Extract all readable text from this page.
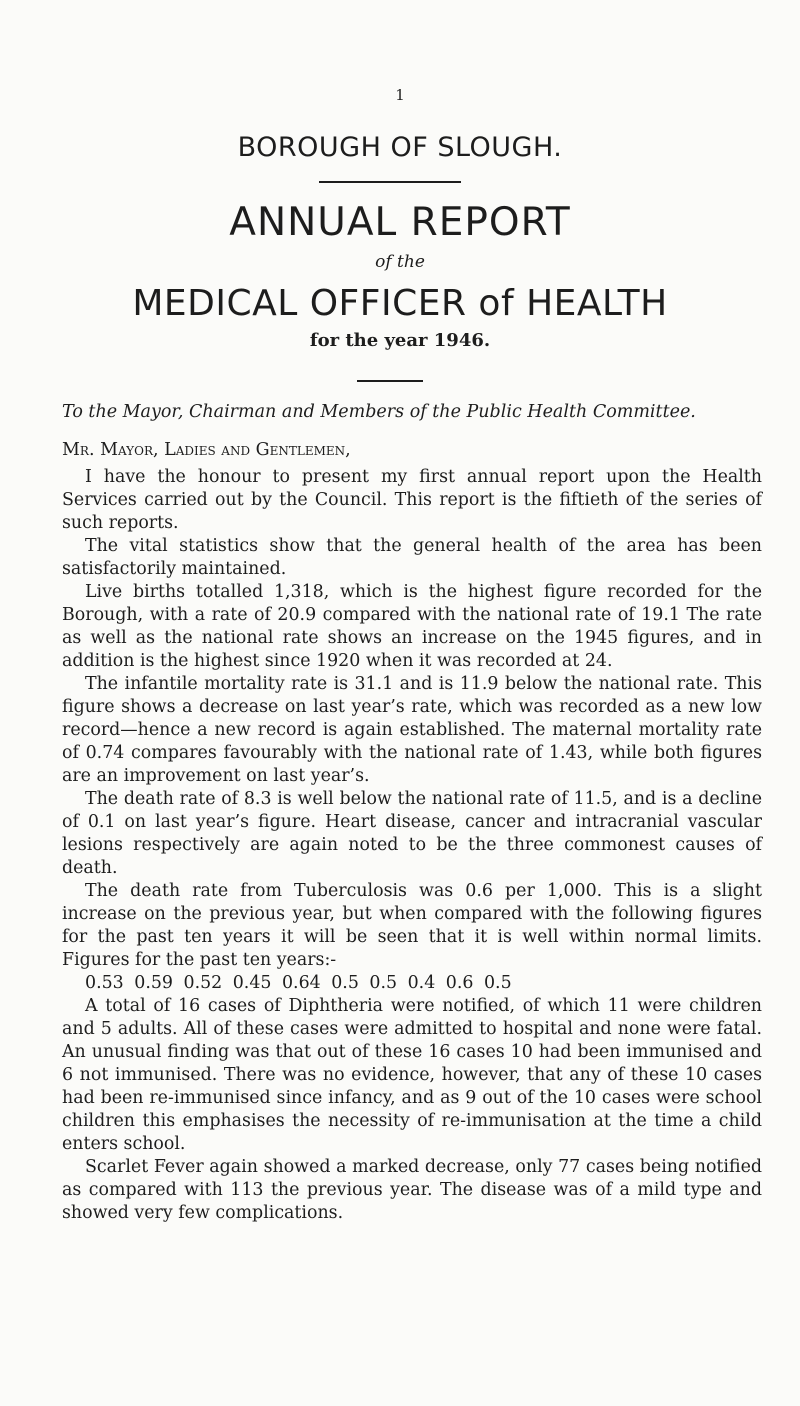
1
BOROUGH OF SLOUGH.
ANNUAL REPORT
of the
MEDICAL OFFICER of HEALTH
for the year 1946.
To the Mayor, Chairman and Members of the Public Health Committee.
Mr. Mayor, Ladies and Gentlemen,

I have the honour to present my first annual report upon the Health Services carried out by the Council. This report is the fiftieth of the series of such reports.

The vital statistics show that the general health of the area has been satisfactorily maintained.

Live births totalled 1,318, which is the highest figure recorded for the Borough, with a rate of 20.9 compared with the national rate of 19.1 The rate as well as the national rate shows an increase on the 1945 figures, and in addition is the highest since 1920 when it was recorded at 24.

The infantile mortality rate is 31.1 and is 11.9 below the national rate. This figure shows a decrease on last year’s rate, which was recorded as a new low record—hence a new record is again established. The maternal mortality rate of 0.74 compares favourably with the national rate of 1.43, while both figures are an improvement on last year’s.

The death rate of 8.3 is well below the national rate of 11.5, and is a decline of 0.1 on last year’s figure. Heart disease, cancer and intracranial vascular lesions respectively are again noted to be the three commonest causes of death.

The death rate from Tuberculosis was 0.6 per 1,000. This is a slight increase on the previous year, but when compared with the following figures for the past ten years it will be seen that it is well within normal limits. Figures for the past ten years:-

0.53 0.59 0.52 0.45 0.64 0.5 0.5 0.4 0.6 0.5

A total of 16 cases of Diphtheria were notified, of which 11 were children and 5 adults. All of these cases were admitted to hospital and none were fatal. An unusual finding was that out of these 16 cases 10 had been immunised and 6 not immunised. There was no evidence, however, that any of these 10 cases had been re-immunised since infancy, and as 9 out of the 10 cases were school children this emphasises the necessity of re-immunisation at the time a child enters school.

Scarlet Fever again showed a marked decrease, only 77 cases being notified as compared with 113 the previous year. The disease was of a mild type and showed very few complications.
